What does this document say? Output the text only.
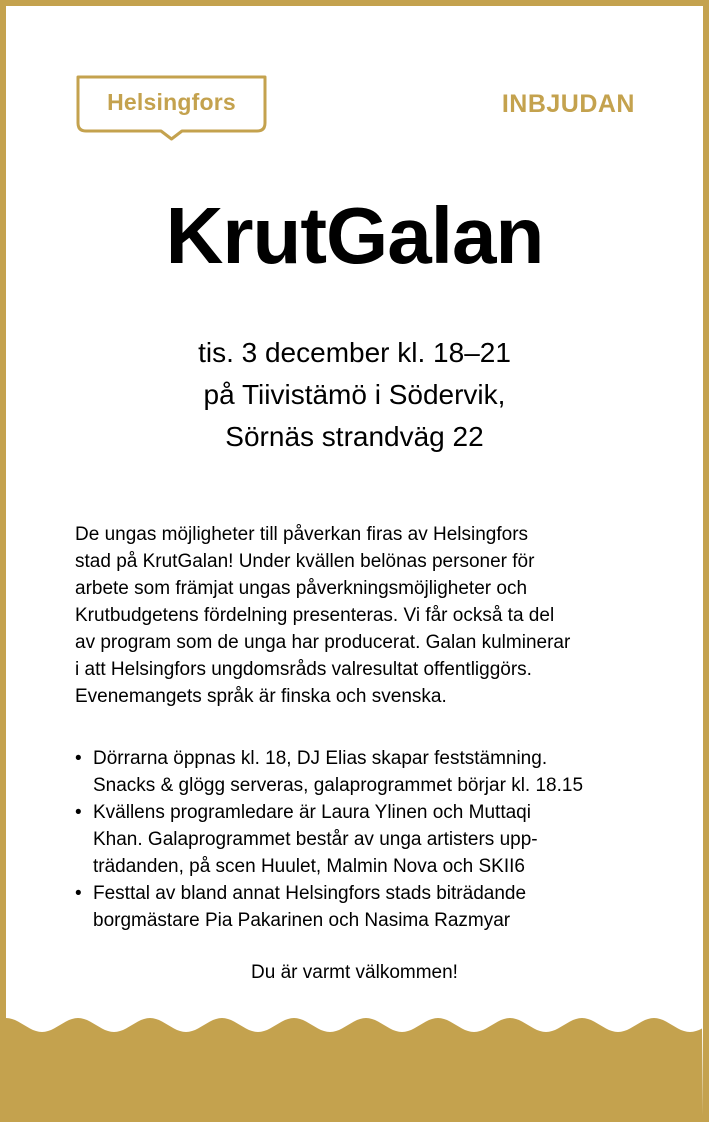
Helsingfors	INBJUDAN
KrutGalan
tis. 3 december kl. 18–21
på Tiivistämö i Södervik,
Sörnäs strandväg 22
De ungas möjligheter till påverkan firas av Helsingfors
stad på KrutGalan! Under kvällen belönas personer för
arbete som främjat ungas påverkningsmöjligheter och
Krutbudgetens fördelning presenteras. Vi får också ta del
av program som de unga har producerat. Galan kulminerar
i att Helsingfors ungdomsråds valresultat offentliggörs.
Evenemangets språk är finska och svenska.
• Dörrarna öppnas kl. 18, DJ Elias skapar feststämning.
Snacks & glögg serveras, galaprogrammet börjar kl. 18.15
• Kvällens programledare är Laura Ylinen och Muttaqi
Khan. Galaprogrammet består av unga artisters upp-
trädanden, på scen Huulet, Malmin Nova och SKII6
• Festtal av bland annat Helsingfors stads biträdande
borgmästare Pia Pakarinen och Nasima Razmyar
Du är varmt välkommen!
